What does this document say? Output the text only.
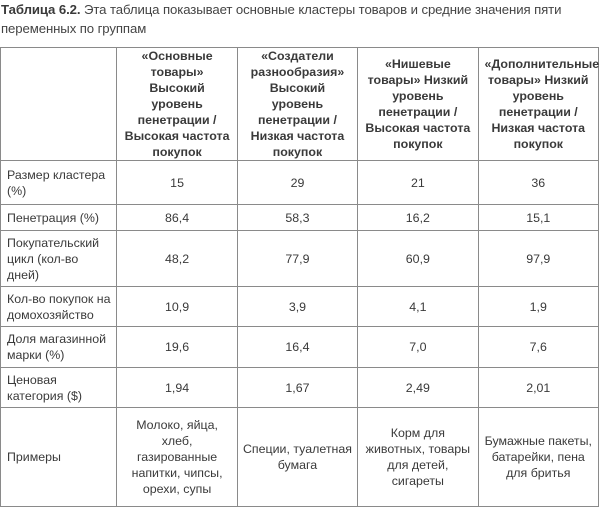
Таблица 6.2. Эта таблица показывает основные кластеры товаров и средние значения пяти переменных по группам
	«Основные товары» Высокий уровень пенетрации / Высокая частота покупок	«Создатели разнообразия» Высокий уровень пенетрации / Низкая частота покупок	«Нишевые товары» Низкий уровень пенетрации / Высокая частота покупок	«Дополнительные товары» Низкий уровень пенетрации / Низкая частота покупок
Размер кластера (%)	15	29	21	36
Пенетрация (%)	86,4	58,3	16,2	15,1
Покупательский цикл (кол-во дней)	48,2	77,9	60,9	97,9
Кол-во покупок на домохозяйство	10,9	3,9	4,1	1,9
Доля магазинной марки (%)	19,6	16,4	7,0	7,6
Ценовая категория ($)	1,94	1,67	2,49	2,01
Примеры	Молоко, яйца, хлеб, газированные напитки, чипсы, орехи, супы	Специи, туалетная бумага	Корм для животных, товары для детей, сигареты	Бумажные пакеты, батарейки, пена для бритья
